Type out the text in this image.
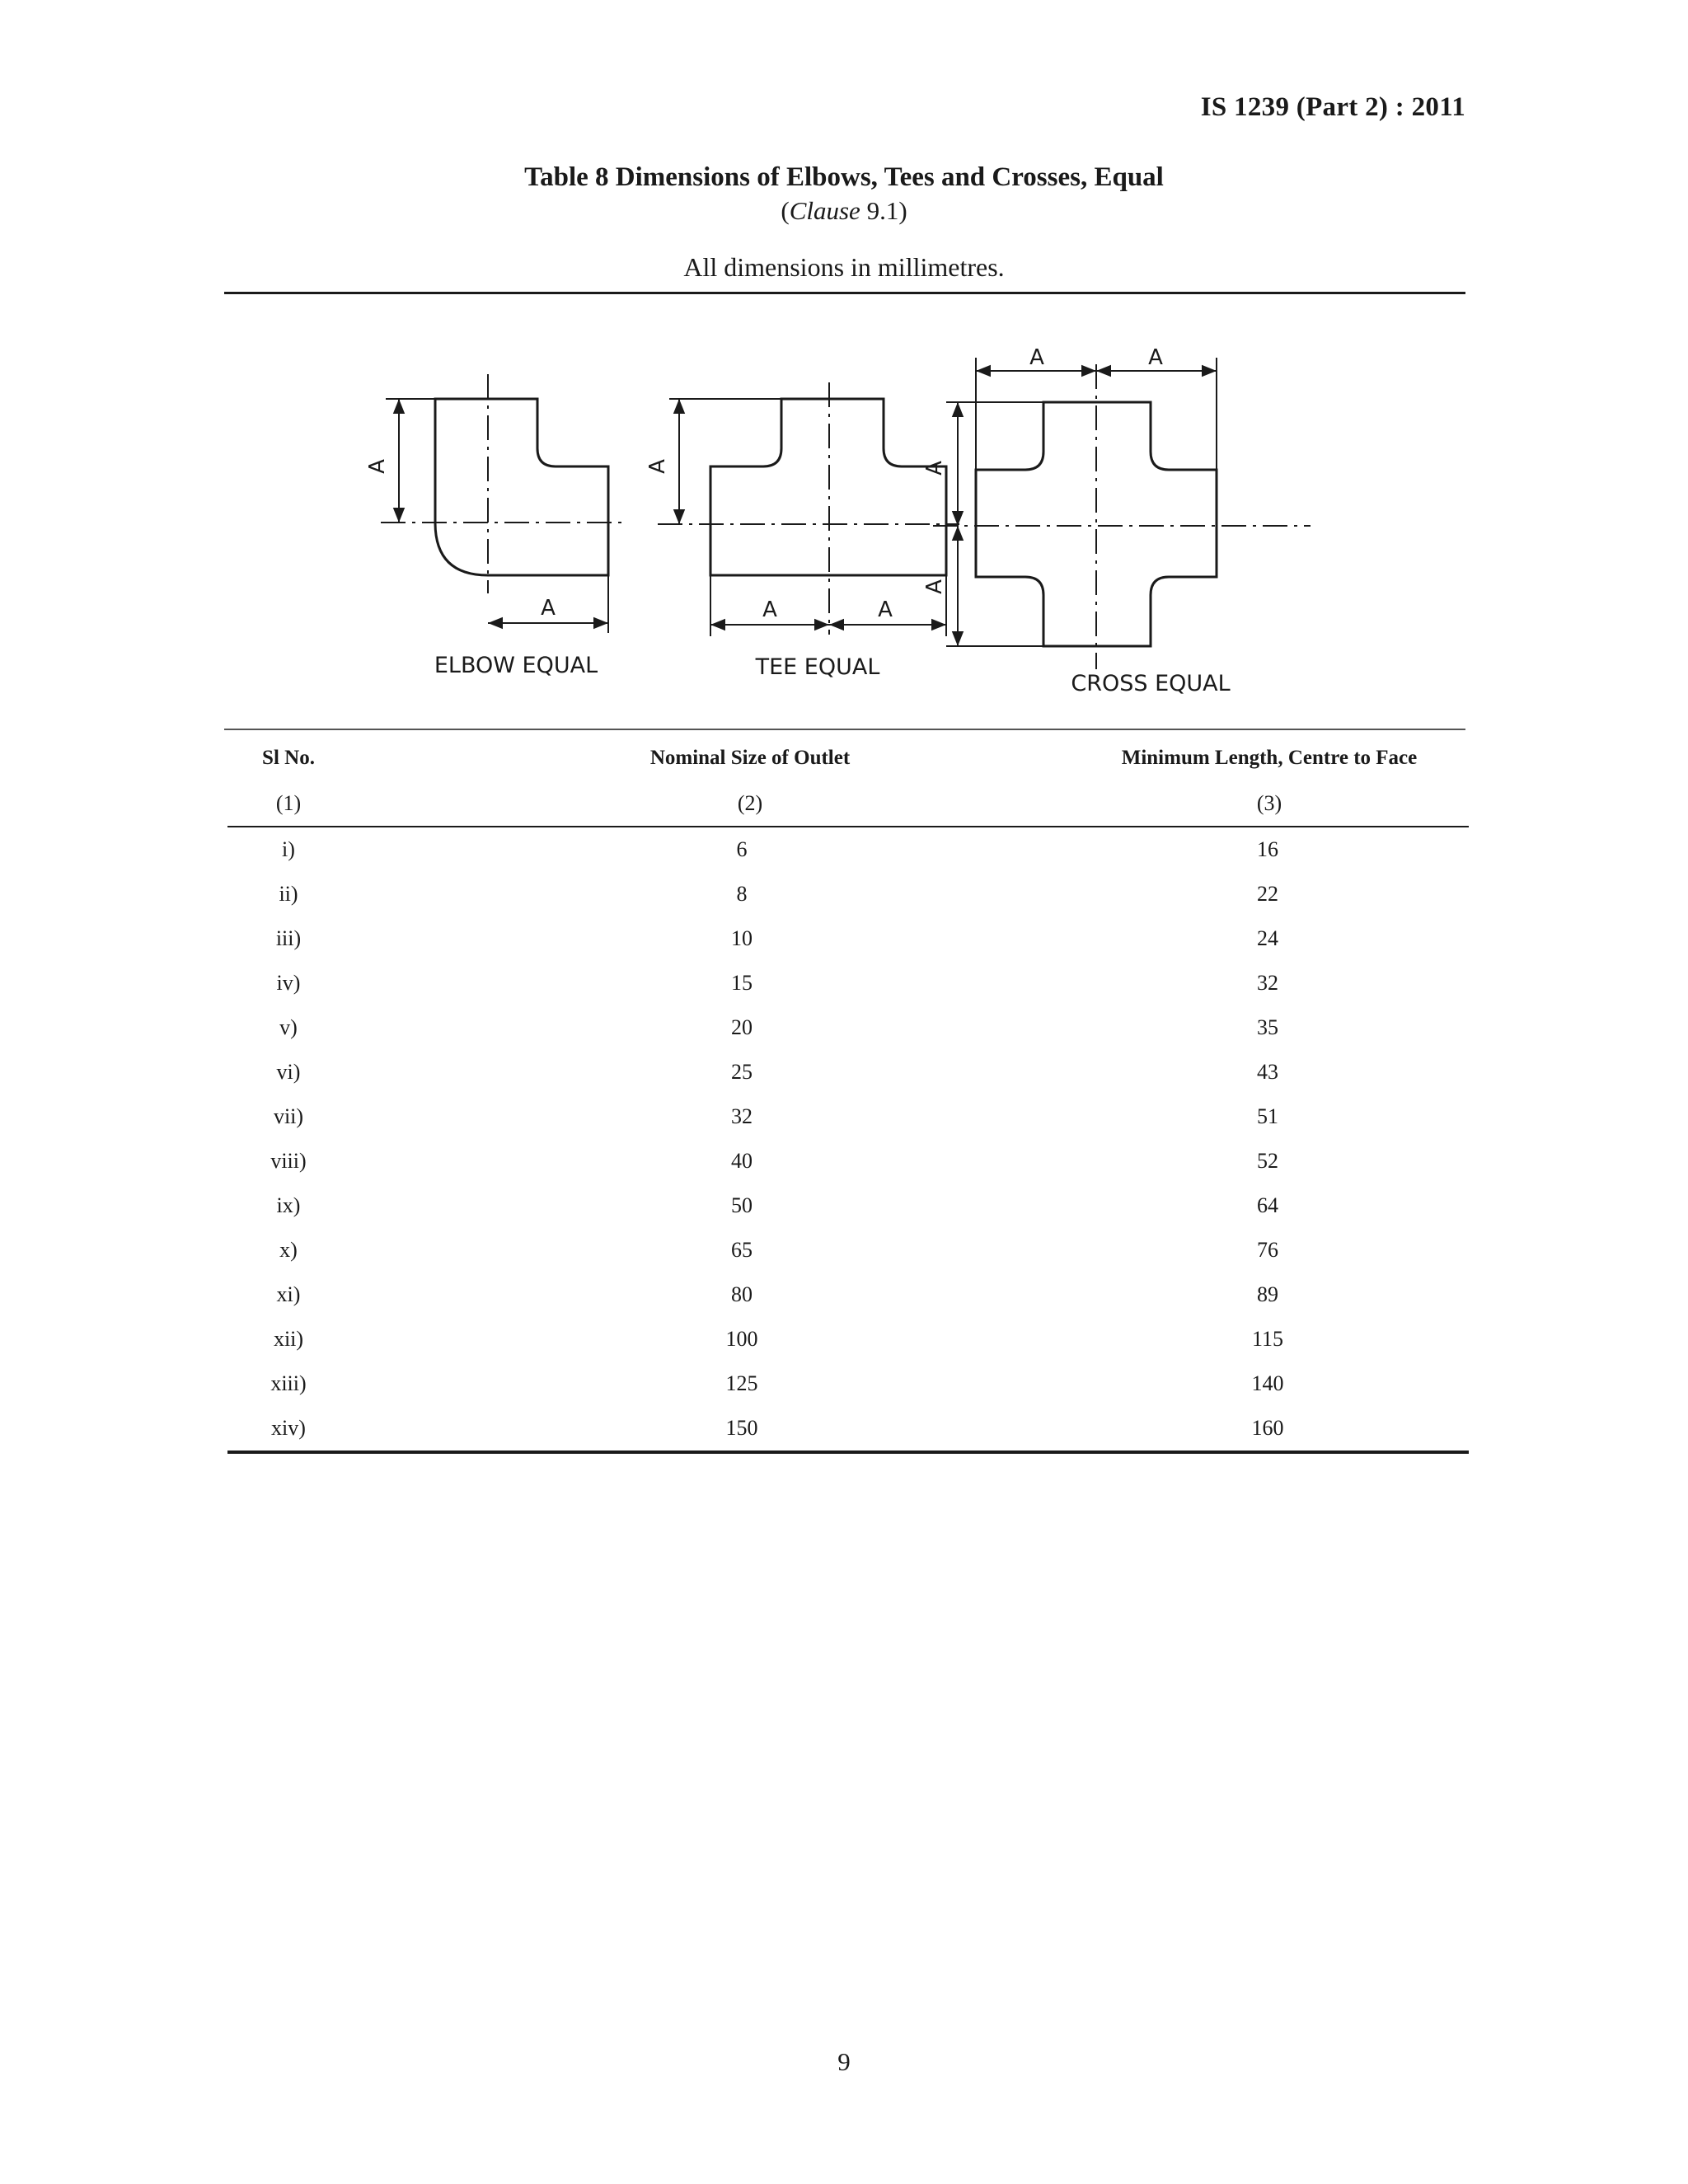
IS 1239 (Part 2) : 2011
Table 8 Dimensions of Elbows, Tees and Crosses, Equal
(Clause 9.1)
All dimensions in millimetres.
A
A
A
A	A
A	A
A
A
ELBOW EQUAL	TEE EQUAL
CROSS EQUAL
Sl No.	Nominal Size of Outlet	Minimum Length, Centre to Face
(1)	(2)	(3)
i)	6	16
ii)	8	22
iii)	10	24
iv)	15	32
v)	20	35
vi)	25	43
vii)	32	51
viii)	40	52
ix)	50	64
x)	65	76
xi)	80	89
xii)	100	115
xiii)	125	140
xiv)	150	160
9
